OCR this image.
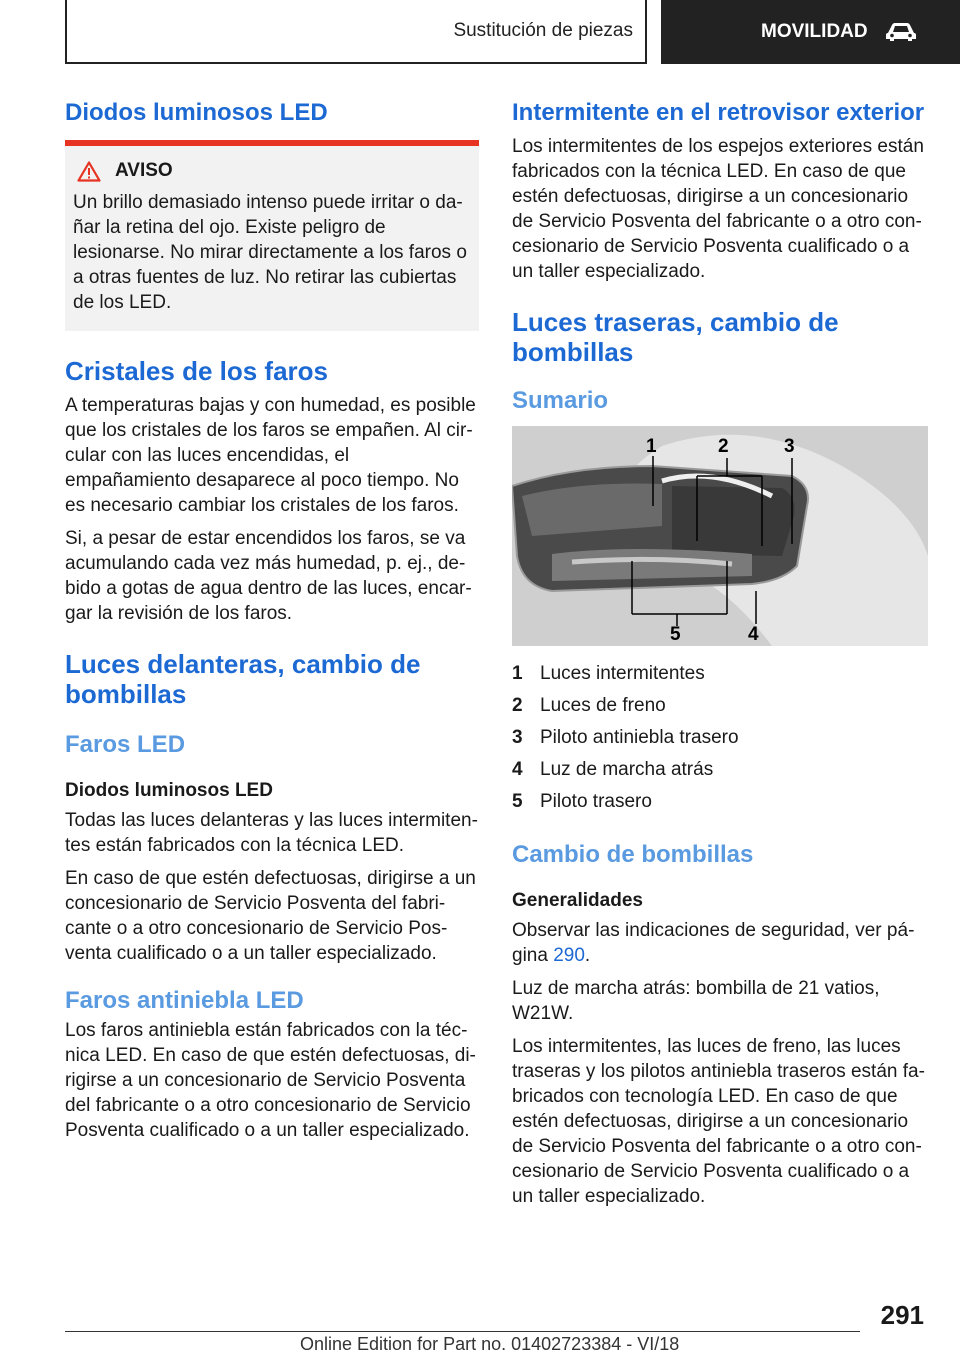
Sustitución de piezas	MOVILIDAD
Diodos luminosos LED
AVISO

Un brillo demasiado intenso puede irritar o dañar la retina del ojo. Existe peligro de lesionarse. No mirar directamente a los faros o a otras fuentes de luz. No retirar las cubiertas de los LED.

Cristales de los faros

A temperaturas bajas y con humedad, es posible que los cristales de los faros se empañen. Al circular con las luces encendidas, el empañamiento desaparece al poco tiempo. No es necesario cambiar los cristales de los faros.

Si, a pesar de estar encendidos los faros, se va acumulando cada vez más humedad, p. ej., debido a gotas de agua dentro de las luces, encargar la revisión de los faros.

Luces delanteras, cambio de bombillas
Faros LED
Diodos luminosos LED

Todas las luces delanteras y las luces intermitentes están fabricados con la técnica LED.

En caso de que estén defectuosas, dirigirse a un concesionario de Servicio Posventa del fabricante o a otro concesionario de Servicio Posventa cualificado o a un taller especializado.

Faros antiniebla LED

Los faros antiniebla están fabricados con la técnica LED. En caso de que estén defectuosas, dirigirse a un concesionario de Servicio Posventa del fabricante o a otro concesionario de Servicio Posventa cualificado o a un taller especializado.

Intermitente en el retrovisor exterior

Los intermitentes de los espejos exteriores están fabricados con la técnica LED. En caso de que estén defectuosas, dirigirse a un concesionario de Servicio Posventa del fabricante o a otro concesionario de Servicio Posventa cualificado o a un taller especializado.

Luces traseras, cambio de bombillas
Sumario
1	2	3
4
5
1 Luces intermitentes
2 Luces de freno
3 Piloto antiniebla trasero
4 Luz de marcha atrás
5 Piloto trasero
Cambio de bombillas
Generalidades

Observar las indicaciones de seguridad, ver página 290.

Luz de marcha atrás: bombilla de 21 vatios, W21W.

Los intermitentes, las luces de freno, las luces traseras y los pilotos antiniebla traseros están fabricados con tecnología LED. En caso de que estén defectuosas, dirigirse a un concesionario de Servicio Posventa del fabricante o a otro concesionario de Servicio Posventa cualificado o a un taller especializado.

291
Online Edition for Part no. 01402723384 - VI/18
